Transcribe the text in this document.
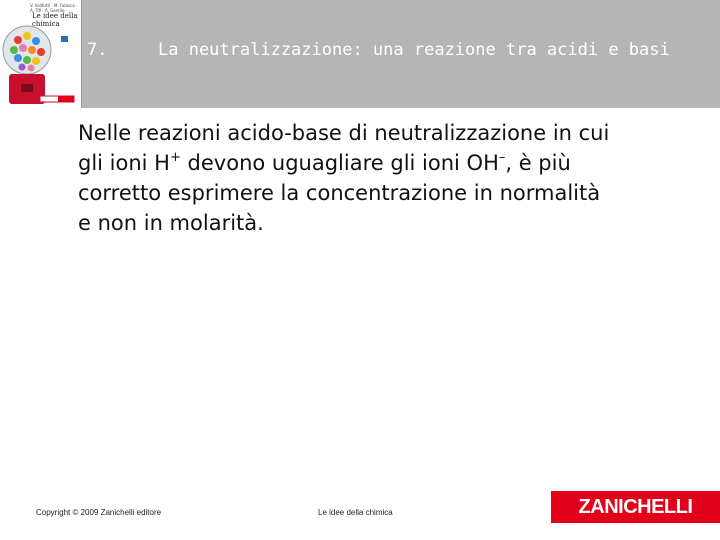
V. Valitutti · M. Falasca · A. Tifi · A. Gentile
Le idee della chimica
7.	La neutralizzazione: una reazione tra acidi e basi
Nelle reazioni acido-base di neutralizzazione in cui
gli ioni H+ devono uguagliare gli ioni OH–, è più
corretto esprimere la concentrazione in normalità
e non in molarità.
Copyright © 2009 Zanichelli editore	Le idee della chimica	ZANICHELLI
